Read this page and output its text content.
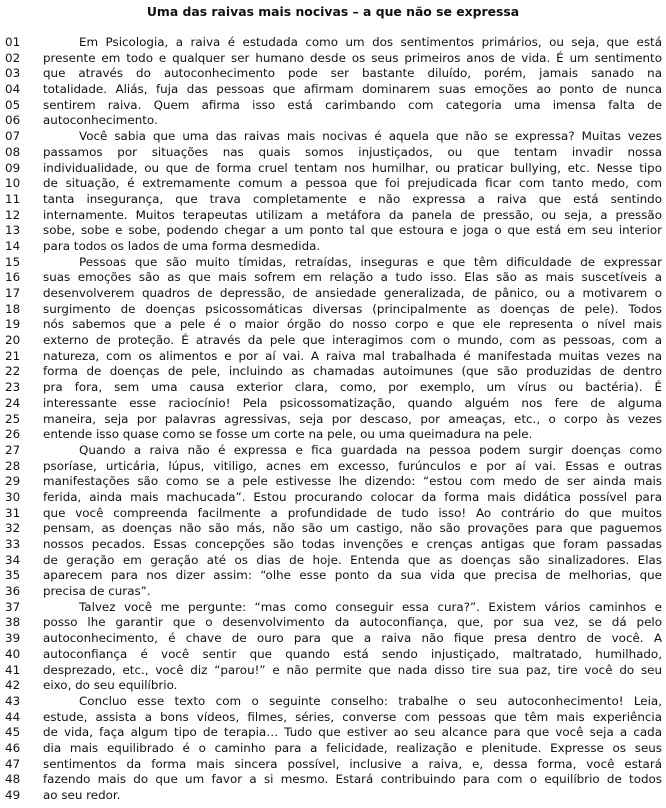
Uma das raivas mais nocivas – a que não se expressa
01	Em Psicologia, a raiva é estudada como um dos sentimentos primários, ou seja, que está
02	presente em todo e qualquer ser humano desde os seus primeiros anos de vida. É um sentimento
03	que através do autoconhecimento pode ser bastante diluído, porém, jamais sanado na
04	totalidade. Aliás, fuja das pessoas que afirmam dominarem suas emoções ao ponto de nunca
05	sentirem raiva. Quem afirma isso está carimbando com categoria uma imensa falta de
06	autoconhecimento.
07	Você sabia que uma das raivas mais nocivas é aquela que não se expressa? Muitas vezes
08	passamos por situações nas quais somos injustiçados, ou que tentam invadir nossa
09	individualidade, ou que de forma cruel tentam nos humilhar, ou praticar bullying, etc. Nesse tipo
10	de situação, é extremamente comum a pessoa que foi prejudicada ficar com tanto medo, com
11	tanta insegurança, que trava completamente e não expressa a raiva que está sentindo
12	internamente. Muitos terapeutas utilizam a metáfora da panela de pressão, ou seja, a pressão
13	sobe, sobe e sobe, podendo chegar a um ponto tal que estoura e joga o que está em seu interior
14	para todos os lados de uma forma desmedida.
15	Pessoas que são muito tímidas, retraídas, inseguras e que têm dificuldade de expressar
16	suas emoções são as que mais sofrem em relação a tudo isso. Elas são as mais suscetíveis a
17	desenvolverem quadros de depressão, de ansiedade generalizada, de pânico, ou a motivarem o
18	surgimento de doenças psicossomáticas diversas (principalmente as doenças de pele). Todos
19	nós sabemos que a pele é o maior órgão do nosso corpo e que ele representa o nível mais
20	externo de proteção. É através da pele que interagimos com o mundo, com as pessoas, com a
21	natureza, com os alimentos e por aí vai. A raiva mal trabalhada é manifestada muitas vezes na
22	forma de doenças de pele, incluindo as chamadas autoimunes (que são produzidas de dentro
23	pra fora, sem uma causa exterior clara, como, por exemplo, um vírus ou bactéria). É
24	interessante esse raciocínio! Pela psicossomatização, quando alguém nos fere de alguma
25	maneira, seja por palavras agressivas, seja por descaso, por ameaças, etc., o corpo às vezes
26	entende isso quase como se fosse um corte na pele, ou uma queimadura na pele.
27	Quando a raiva não é expressa e fica guardada na pessoa podem surgir doenças como
28	psoríase, urticária, lúpus, vitiligo, acnes em excesso, furúnculos e por aí vai. Essas e outras
29	manifestações são como se a pele estivesse lhe dizendo: “estou com medo de ser ainda mais
30	ferida, ainda mais machucada”. Estou procurando colocar da forma mais didática possível para
31	que você compreenda facilmente a profundidade de tudo isso! Ao contrário do que muitos
32	pensam, as doenças não são más, não são um castigo, não são provações para que paguemos
33	nossos pecados. Essas concepções são todas invenções e crenças antigas que foram passadas
34	de geração em geração até os dias de hoje. Entenda que as doenças são sinalizadores. Elas
35	aparecem para nos dizer assim: “olhe esse ponto da sua vida que precisa de melhorias, que
36	precisa de curas”.
37	Talvez você me pergunte: “mas como conseguir essa cura?”. Existem vários caminhos e
38	posso lhe garantir que o desenvolvimento da autoconfiança, que, por sua vez, se dá pelo
39	autoconhecimento, é chave de ouro para que a raiva não fique presa dentro de você. A
40	autoconfiança é você sentir que quando está sendo injustiçado, maltratado, humilhado,
41	desprezado, etc., você diz “parou!” e não permite que nada disso tire sua paz, tire você do seu
42	eixo, do seu equilíbrio.
43	Concluo esse texto com o seguinte conselho: trabalhe o seu autoconhecimento! Leia,
44	estude, assista a bons vídeos, filmes, séries, converse com pessoas que têm mais experiência
45	de vida, faça algum tipo de terapia… Tudo que estiver ao seu alcance para que você seja a cada
46	dia mais equilibrado é o caminho para a felicidade, realização e plenitude. Expresse os seus
47	sentimentos da forma mais sincera possível, inclusive a raiva, e, dessa forma, você estará
48	fazendo mais do que um favor a si mesmo. Estará contribuindo para com o equilíbrio de todos
49	ao seu redor.
